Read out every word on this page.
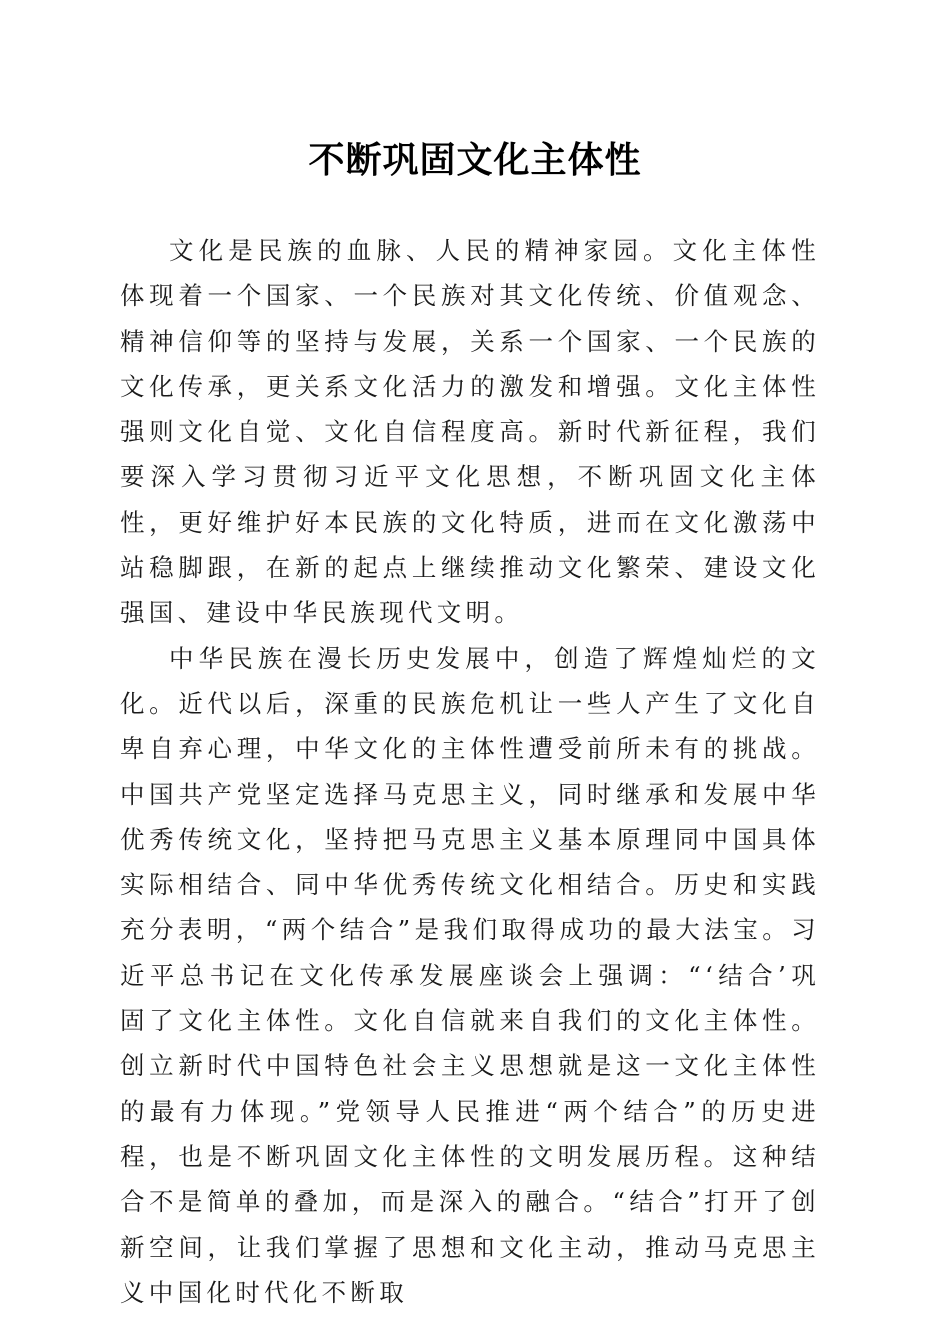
不断巩固文化主体性

文化是民族的血脉、人民的精神家园。文化主体性体现着一个国家、一个民族对其文化传统、价值观念、精神信仰等的坚持与发展，关系一个国家、一个民族的文化传承，更关系文化活力的激发和增强。文化主体性强则文化自觉、文化自信程度高。新时代新征程，我们要深入学习贯彻习近平文化思想，不断巩固文化主体性，更好维护好本民族的文化特质，进而在文化激荡中站稳脚跟，在新的起点上继续推动文化繁荣、建设文化强国、建设中华民族现代文明。

中华民族在漫长历史发展中，创造了辉煌灿烂的文化。近代以后，深重的民族危机让一些人产生了文化自卑自弃心理，中华文化的主体性遭受前所未有的挑战。中国共产党坚定选择马克思主义，同时继承和发展中华优秀传统文化，坚持把马克思主义基本原理同中国具体实际相结合、同中华优秀传统文化相结合。历史和实践充分表明，“两个结合”是我们取得成功的最大法宝。习近平总书记在文化传承发展座谈会上强调：“‘结合’巩固了文化主体性。文化自信就来自我们的文化主体性。创立新时代中国特色社会主义思想就是这一文化主体性的最有力体现。”党领导人民推进“两个结合”的历史进程，也是不断巩固文化主体性的文明发展历程。这种结合不是简单的叠加，而是深入的融合。“结合”打开了创新空间，让我们掌握了思想和文化主动，推动马克思主义中国化时代化不断取
